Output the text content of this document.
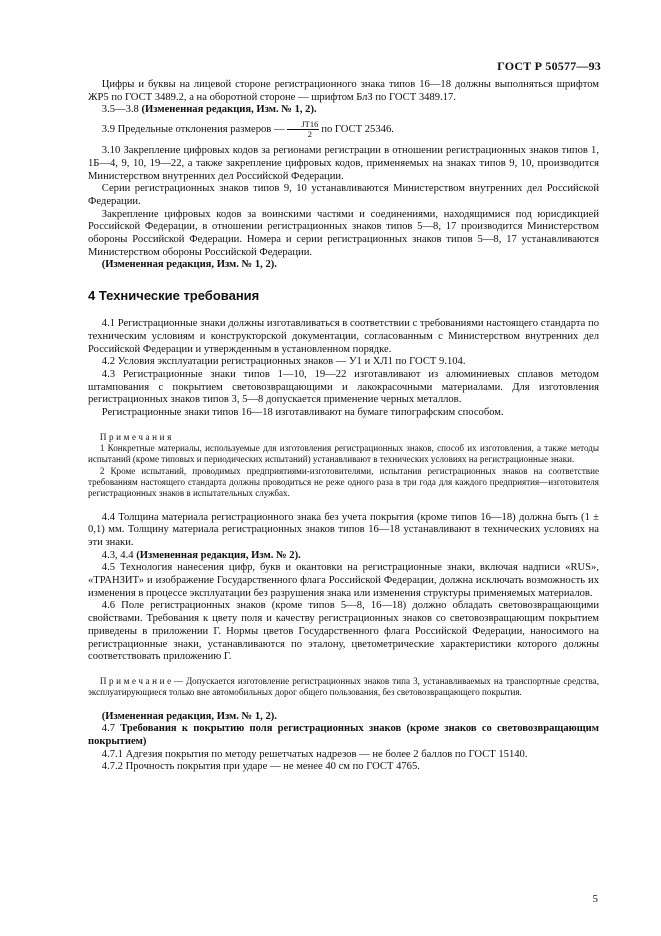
ГОСТ Р 50577—93

Цифры и буквы на лицевой стороне регистрационного знака типов 16—18 должны выполняться шрифтом ЖР5 по ГОСТ 3489.2, а на оборотной стороне — шрифтом БлЗ по ГОСТ 3489.17.

3.5—3.8 (Измененная редакция, Изм. № 1, 2).

3.9 Предельные отклонения размеров — $\frac{JT16}{2}$ по ГОСТ 25346.

3.10 Закрепление цифровых кодов за регионами регистрации в отношении регистрационных знаков типов 1, 1Б—4, 9, 10, 19—22, а также закрепление цифровых кодов, применяемых на знаках типов 9, 10, производится Министерством внутренних дел Российской Федерации.

Серии регистрационных знаков типов 9, 10 устанавливаются Министерством внутренних дел Российской Федерации.

Закрепление цифровых кодов за воинскими частями и соединениями, находящимися под юрисдикцией Российской Федерации, в отношении регистрационных знаков типов 5—8, 17 производится Министерством обороны Российской Федерации. Номера и серии регистрационных знаков типов 5—8, 17 устанавливаются Министерством обороны Российской Федерации.

(Измененная редакция, Изм. № 1, 2).

4 Технические требования

4.1 Регистрационные знаки должны изготавливаться в соответствии с требованиями настоящего стандарта по техническим условиям и конструкторской документации, согласованным с Министерством внутренних дел Российской Федерации и утвержденным в установленном порядке.

4.2 Условия эксплуатации регистрационных знаков — У1 и ХЛ1 по ГОСТ 9.104.

4.3 Регистрационные знаки типов 1—10, 19—22 изготавливают из алюминиевых сплавов методом штампования с покрытием световозвращающими и лакокрасочными материалами. Для изготовления регистрационных знаков типов 3, 5—8 допускается применение черных металлов.

Регистрационные знаки типов 16—18 изготавливают на бумаге типографским способом.

Примечания

1 Конкретные материалы, используемые для изготовления регистрационных знаков, способ их изготовления, а также методы испытаний (кроме типовых и периодических испытаний) устанавливают в технических условиях на регистрационные знаки.

2 Кроме испытаний, проводимых предприятиями-изготовителями, испытания регистрационных знаков на соответствие требованиям настоящего стандарта должны проводиться не реже одного раза в три года для каждого предприятия—изготовителя регистрационных знаков в испытательных службах.

4.4 Толщина материала регистрационного знака без учета покрытия (кроме типов 16—18) должна быть (1 ± 0,1) мм. Толщину материала регистрационных знаков типов 16—18 устанавливают в технических условиях на эти знаки.

4.3, 4.4 (Измененная редакция, Изм. № 2).

4.5 Технология нанесения цифр, букв и окантовки на регистрационные знаки, включая надписи «RUS», «ТРАНЗИТ» и изображение Государственного флага Российской Федерации, должна исключать возможность их изменения в процессе эксплуатации без разрушения знака или изменения структуры применяемых материалов.

4.6 Поле регистрационных знаков (кроме типов 5—8, 16—18) должно обладать световозвращающими свойствами. Требования к цвету поля и качеству регистрационных знаков со световозвращающим покрытием приведены в приложении Г. Нормы цветов Государственного флага Российской Федерации, наносимого на регистрационные знаки, устанавливаются по эталону, цветометрические характеристики которого должны соответствовать приложению Г.

Примечание— Допускается изготовление регистрационных знаков типа 3, устанавливаемых на транспортные средства, эксплуатирующиеся только вне автомобильных дорог общего пользования, без световозвращающего покрытия.

(Измененная редакция, Изм. № 1, 2).

4.7 Требования к покрытию поля регистрационных знаков (кроме знаков со световозвращающим покрытием)

4.7.1 Адгезия покрытия по методу решетчатых надрезов — не более 2 баллов по ГОСТ 15140.

4.7.2 Прочность покрытия при ударе — не менее 40 см по ГОСТ 4765.

5
